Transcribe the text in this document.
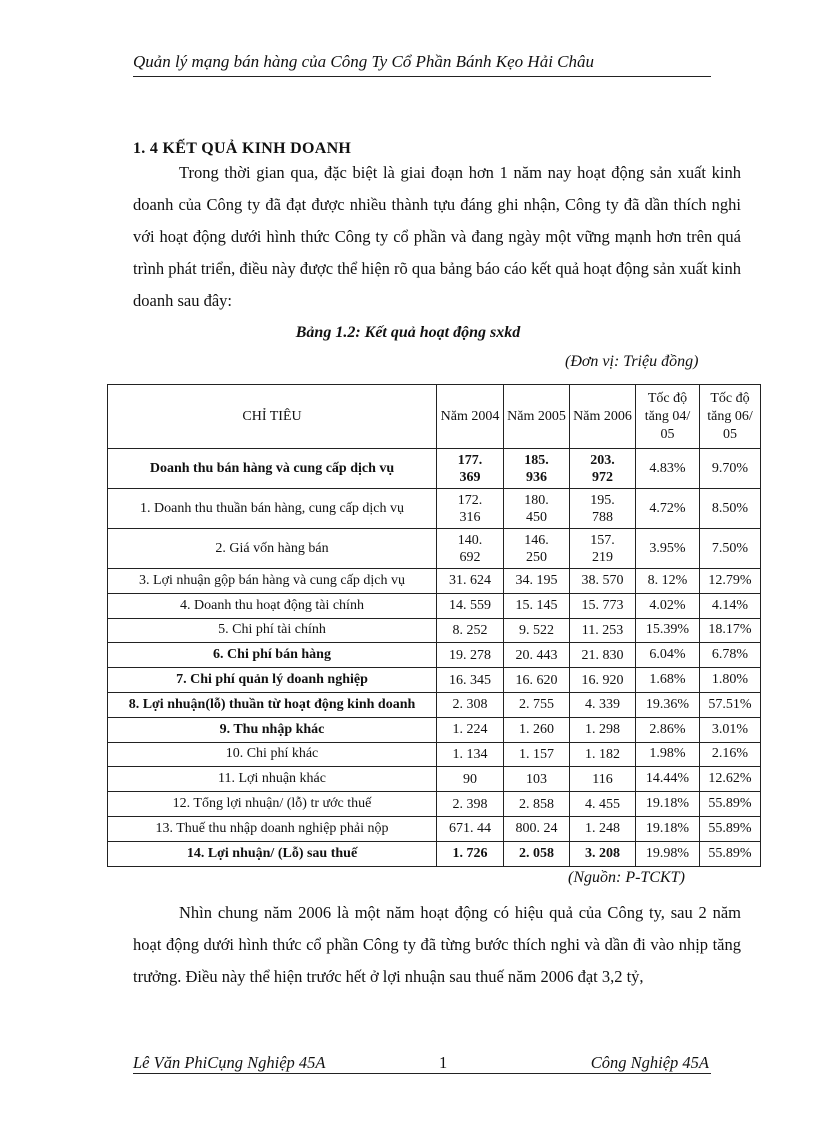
Quản lý mạng bán hàng của Công Ty Cổ Phần Bánh Kẹo Hải Châu
1. 4 KẾT QUẢ KINH DOANH
Trong thời gian qua, đặc biệt là giai đoạn hơn 1 năm nay hoạt động sản xuất kinh doanh của Công ty đã đạt được nhiều thành tựu đáng ghi nhận, Công ty đã dần thích nghi với hoạt động dưới hình thức Công ty cổ phần và đang ngày một vững mạnh hơn trên quá trình phát triển, điều này được thể hiện rõ qua bảng báo cáo kết quả hoạt động sản xuất kinh doanh sau đây:
Bảng 1.2: Kết quả hoạt động sxkd
(Đơn vị: Triệu đồng)
CHỈ TIÊU	Năm 2004	Năm 2005	Năm 2006	Tốc độ tăng 04/ 05	Tốc độ tăng 06/ 05
Doanh thu bán hàng và cung cấp dịch vụ	177. 369	185. 936	203. 972	4.83%	9.70%
1. Doanh thu thuần bán hàng, cung cấp dịch vụ	172. 316	180. 450	195. 788	4.72%	8.50%
2. Giá vốn hàng bán	140. 692	146. 250	157. 219	3.95%	7.50%
3. Lợi nhuận gộp bán hàng và cung cấp dịch vụ	31. 624	34. 195	38. 570	8. 12%	12.79%
4. Doanh thu hoạt động tài chính	14. 559	15. 145	15. 773	4.02%	4.14%
5. Chi phí tài chính	8. 252	9. 522	11. 253	15.39%	18.17%
6. Chi phí bán hàng	19. 278	20. 443	21. 830	6.04%	6.78%
7. Chi phí quản lý doanh nghiệp	16. 345	16. 620	16. 920	1.68%	1.80%
8. Lợi nhuận(lỗ) thuần từ hoạt động kinh doanh	2. 308	2. 755	4. 339	19.36%	57.51%
9. Thu nhập khác	1. 224	1. 260	1. 298	2.86%	3.01%
10. Chi phí khác	1. 134	1. 157	1. 182	1.98%	2.16%
11. Lợi nhuận khác	90	103	116	14.44%	12.62%
12. Tổng lợi nhuận/ (lỗ) tr ước thuế	2. 398	2. 858	4. 455	19.18%	55.89%
13. Thuế thu nhập doanh nghiệp phải nộp	671. 44	800. 24	1. 248	19.18%	55.89%
14. Lợi nhuận/ (Lỗ) sau thuế	1. 726	2. 058	3. 208	19.98%	55.89%
(Nguồn: P-TCKT)
Nhìn chung năm 2006 là một năm hoạt động có hiệu quả của Công ty, sau 2 năm hoạt động dưới hình thức cổ phần Công ty đã từng bước thích nghi và dần đi vào nhịp tăng trưởng. Điều này thể hiện trước hết ở lợi nhuận sau thuế năm 2006 đạt 3,2 tỷ,
Lê Văn PhiCụng Nghiệp 45A	1	Công Nghiệp 45A
